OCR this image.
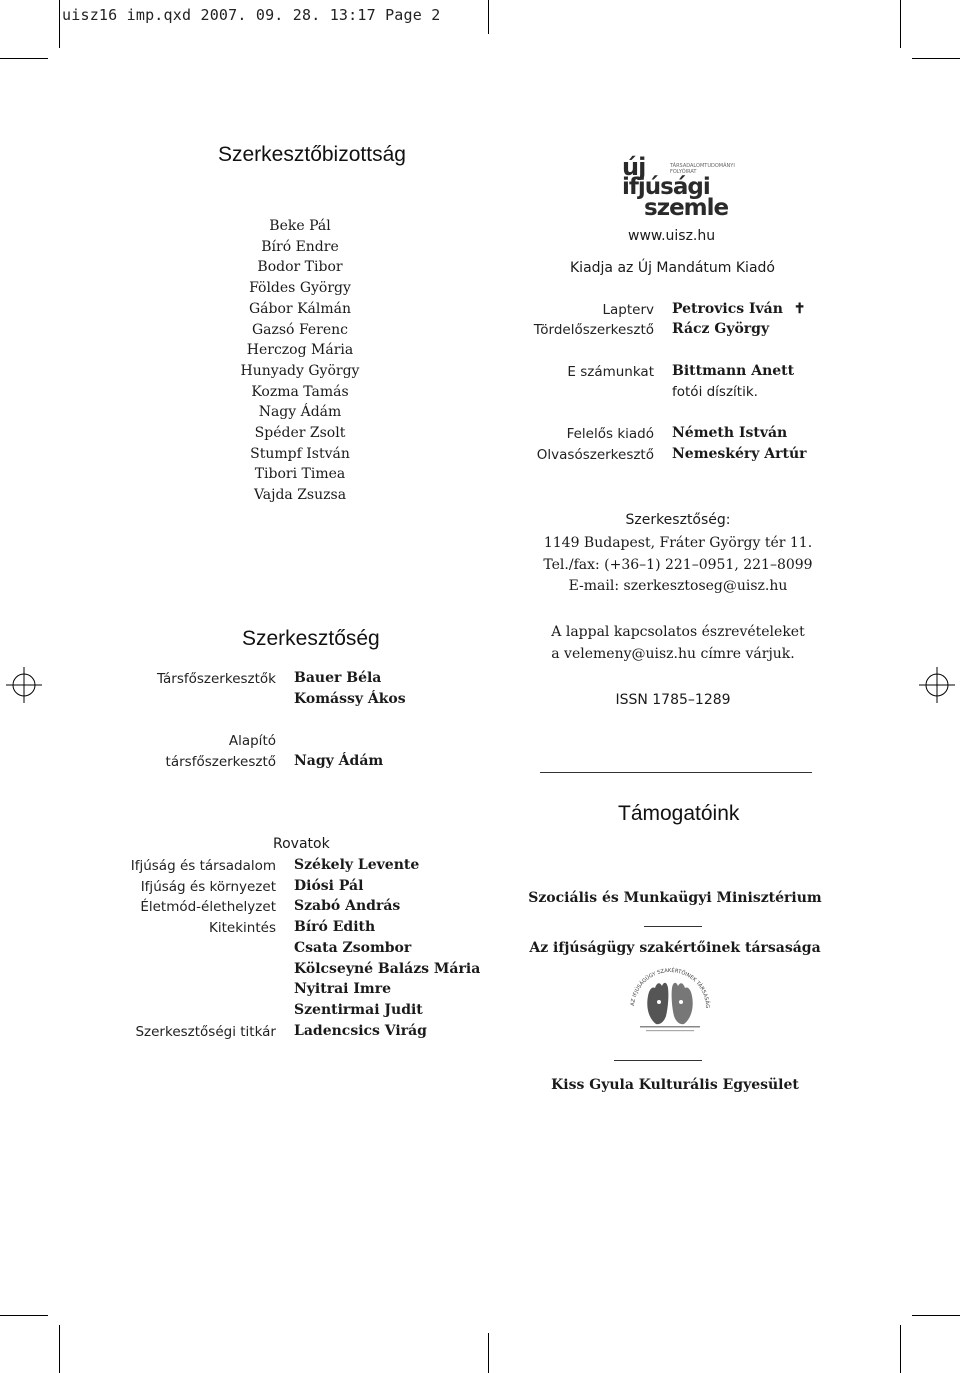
uisz16 imp.qxd 2007. 09. 28. 13:17 Page 2
Szerkesztőbizottság
Beke Pál
Bíró Endre
Bodor Tibor
Földes György
Gábor Kálmán
Gazsó Ferenc
Herczog Mária
Hunyady György
Kozma Tamás
Nagy Ádám
Spéder Zsolt
Stumpf István
Tibori Timea
Vajda Zsuzsa
új	TÁRSADALOMTUDOMÁNYI FOLYÓIRAT
ifjúsági
szemle
www.uisz.hu
Kiadja az Új Mandátum Kiadó
Lapterv Petrovics Iván ✝
Tördelőszerkesztő Rácz György
E számunkat Bittmann Anett
fotói díszítik.
Felelős kiadó Németh István
Olvasószerkesztő Nemeskéry Artúr
Szerkesztőség:
1149 Budapest, Fráter György tér 11.
Tel./fax: (+36–1) 221–0951, 221–8099
E-mail: szerkesztoseg@uisz.hu
A lappal kapcsolatos észrevételeket
a velemeny@uisz.hu címre várjuk.
ISSN 1785–1289
Szerkesztőség
Társfőszerkesztők Bauer Béla
Komássy Ákos
Alapító
társfőszerkesztő Nagy Ádám
Rovatok
Ifjúság és társadalom Székely Levente
Ifjúság és környezet Diósi Pál
Életmód-élethelyzet Szabó András
Kitekintés Bíró Edith
Csata Zsombor
Kölcseyné Balázs Mária
Nyitrai Imre
Szentirmai Judit
Szerkesztőségi titkár Ladencsics Virág
Támogatóink
Szociális és Munkaügyi Minisztérium
Az ifjúságügy szakértőinek társasága
AZ IFJÚSÁGÜGY SZAKÉRTŐINEK TÁRSASÁG
Kiss Gyula Kulturális Egyesület
